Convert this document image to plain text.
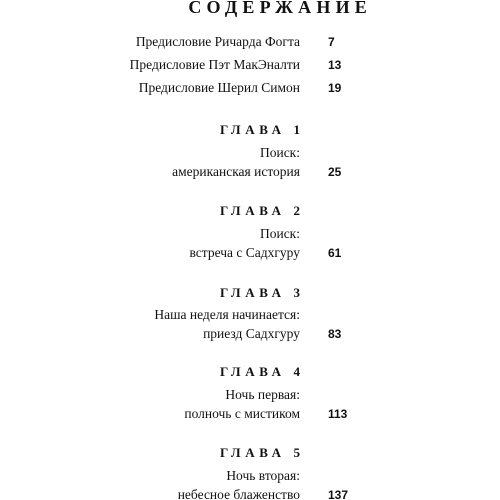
СОДЕРЖАНИЕ
Предисловие Ричарда Фогта 7
Предисловие Пэт МакЭналти 13
Предисловие Шерил Симон 19
ГЛАВА 1
Поиск:
американская история 25
ГЛАВА 2
Поиск:
встреча с Садхгуру 61
ГЛАВА 3
Наша неделя начинается:
приезд Садхгуру 83
ГЛАВА 4
Ночь первая:
полночь с мистиком 113
ГЛАВА 5
Ночь вторая:
небесное блаженство 137
